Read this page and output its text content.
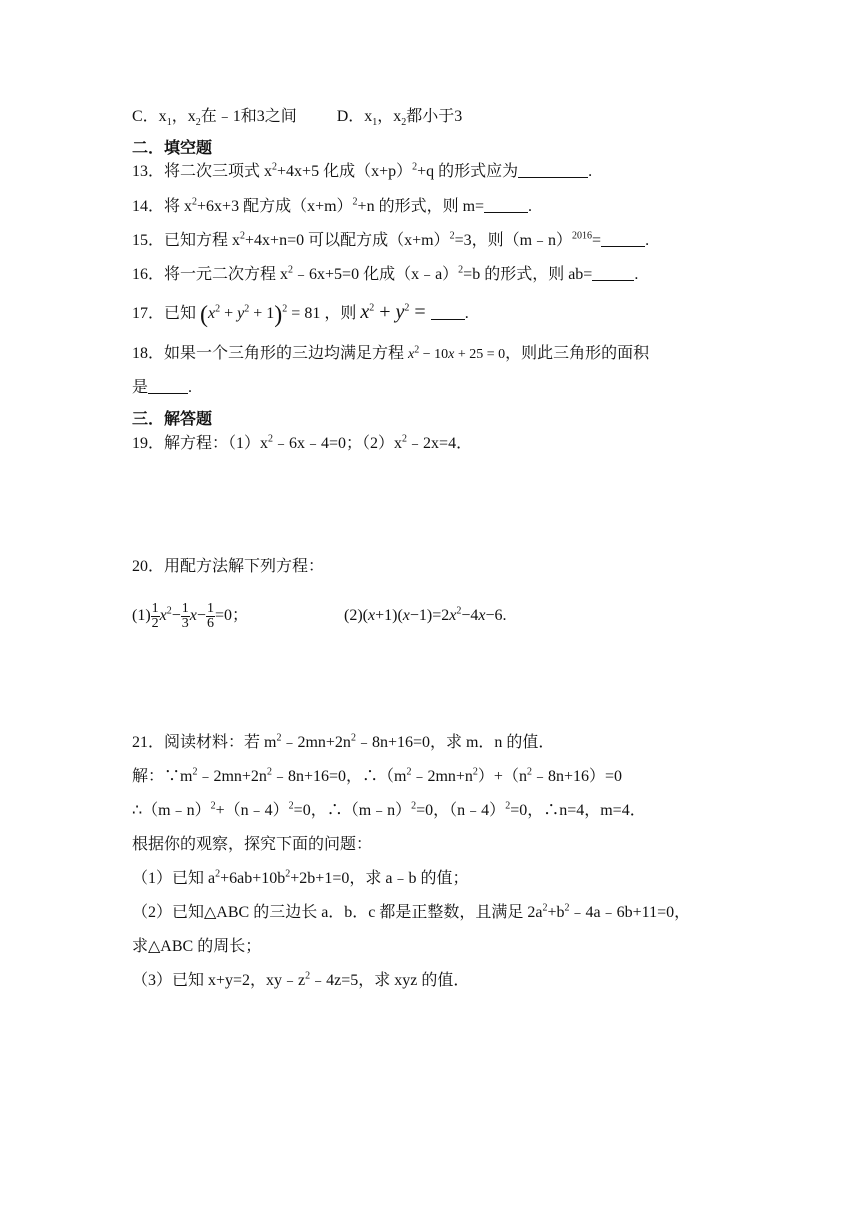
C．$x_1$，$x_2$在﹣1和3之间	D．$x_1$，$x_2$都小于3
二．填空题
13．将二次三项式 $x^2+4x+5$ 化成$(x+p)^2+q$ 的形式应为	.
14．将 $x^2+6x+3$ 配方成$(x+m)^2+n$ 的形式，则 m=	.
15．已知方程 $x^2+4x+n=0$ 可以配方成$(x+m)^2=3$，则（m﹣n）$^{2016}$=	.
16．将一元二次方程 $x^2﹣6x+5=0$ 化成（x﹣a）$^2$=b 的形式，则 ab=	.
17．已知 $(x^2 + y^2 + 1)^2 = 81$ ，则 $x^2 + y^2$ = .
18．如果一个三角形的三边均满足方程 $x^2 - 10x + 25 = 0$，则此三角形的面积
是	.
三．解答题
19．解方程：$(1)x^2﹣6x﹣4=0$；$(2)x^2﹣2x=4$．
20．用配方法解下列方程：
$(1) \frac{1}{2} x^2- \frac{1}{3} x- \frac{1}{6} =0$；	$(2)(x+1)(x-1)=2x^2-4x-6$.
21．阅读材料：若 $m^2﹣2mn+2n^2﹣8n+16=0$，求 m．n 的值．
解：$\because m^2﹣2mn+2n^2﹣8n+16=0$，$\therefore(m^2﹣2mn+n^2)+(n^2﹣8n+16)=0$
∴（m﹣n）$^2$+（n﹣4）$^2$=0，∴（m﹣n）$^2$=0，（n﹣4）$^2$=0，∴n=4，m=4．
根据你的观察，探究下面的问题：
（1）已知 $a^2+6ab+10b^2+2b+1=0$，求 a﹣b 的值；
（2）已知△ABC 的三边长 a．b．c 都是正整数，且满足 $2a^2+b^2﹣4a﹣6b+11=0$，
求△ABC 的周长；
（3）已知 x+y=2，$xy﹣z^2﹣4z=5$，求 xyz 的值．
